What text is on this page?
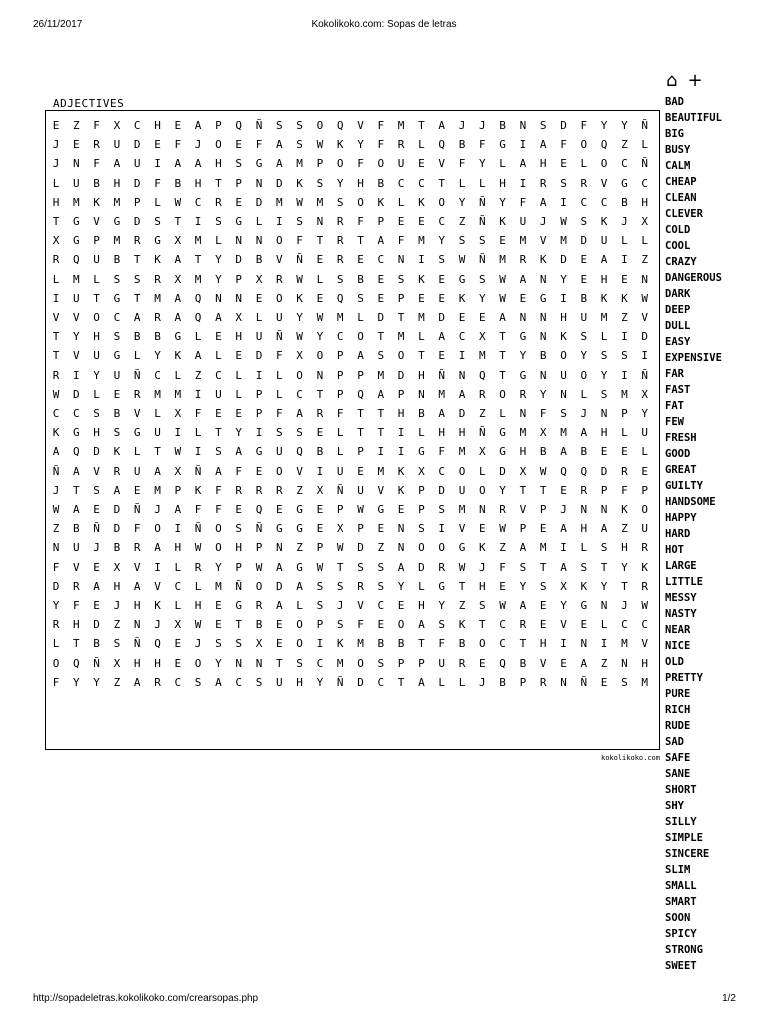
26/11/2017	Kokolikoko.com: Sopas de letras
⌂ +
ADJECTIVES
E	Z	F	X	C	H	E	A	P	Q	Ñ	S	S	O	Q	V	F	M	T	A	J	J	B	N	S	D	F	Y	Y	Ñ
J	E	R	U	D	E	F	J	O	E	F	A	S	W	K	Y	F	R	L	Q	B	F	G	I	A	F	O	Q	Z	L
J	N	F	A	U	I	A	A	H	S	G	A	M	P	O	F	O	U	E	V	F	Y	L	A	H	E	L	O	C	Ñ
L	U	B	H	D	F	B	H	T	P	N	D	K	S	Y	H	B	C	C	T	L	L	H	I	R	S	R	V	G	C
H	M	K	M	P	L	W	C	R	E	D	M	W	M	S	O	K	L	K	O	Y	Ñ	Y	F	A	I	C	C	B	H
T	G	V	G	D	S	T	I	S	G	L	I	S	N	R	F	P	E	E	C	Z	Ñ	K	U	J	W	S	K	J	X
X	G	P	M	R	G	X	M	L	N	N	O	F	T	R	T	A	F	M	Y	S	S	E	M	V	M	D	U	L	L
R	Q	U	B	T	K	A	T	Y	D	B	V	Ñ	E	R	E	C	N	I	S	W	Ñ	M	R	K	D	E	A	I	Z
L	M	L	S	S	R	X	M	Y	P	X	R	W	L	S	B	E	S	K	E	G	S	W	A	N	Y	E	H	E	N
I	U	T	G	T	M	A	Q	N	N	E	O	K	E	Q	S	E	P	E	E	K	Y	W	E	G	I	B	K	K	W
V	V	O	C	A	R	A	Q	A	X	L	U	Y	W	M	L	D	T	M	D	E	E	A	N	N	H	U	M	Z	V
T	Y	H	S	B	B	G	L	E	H	U	Ñ	W	Y	C	O	T	M	L	A	C	X	T	G	N	K	S	L	I	D
T	V	U	G	L	Y	K	A	L	E	D	F	X	O	P	A	S	O	T	E	I	M	T	Y	B	O	Y	S	S	I
R	I	Y	U	Ñ	C	L	Z	C	L	I	L	O	N	P	P	M	D	H	Ñ	N	Q	T	G	N	U	O	Y	I	Ñ
W	D	L	E	R	M	M	I	U	L	P	L	C	T	P	Q	A	P	N	M	A	R	O	R	Y	N	L	S	M	X
C	C	S	B	V	L	X	F	E	E	P	F	A	R	F	T	T	H	B	A	D	Z	L	N	F	S	J	N	P	Y
K	G	H	S	G	U	I	L	T	Y	I	S	S	E	L	T	T	I	L	H	H	Ñ	G	M	X	M	A	H	L	U
A	Q	D	K	L	T	W	I	S	A	G	U	Q	B	L	P	I	I	G	F	M	X	G	H	B	A	B	E	E	L
Ñ	A	V	R	U	A	X	Ñ	A	F	E	O	V	I	U	E	M	K	X	C	O	L	D	X	W	Q	Q	D	R	E
J	T	S	A	E	M	P	K	F	R	R	R	Z	X	Ñ	U	V	K	P	D	U	O	Y	T	T	E	R	P	F	P
W	A	E	D	Ñ	J	A	F	F	E	Q	E	G	E	P	W	G	E	P	S	M	N	R	V	P	J	N	N	K	O
Z	B	Ñ	D	F	O	I	Ñ	O	S	Ñ	G	G	E	X	P	E	N	S	I	V	E	W	P	E	A	H	A	Z	U
N	U	J	B	R	A	H	W	O	H	P	N	Z	P	W	D	Z	N	O	O	G	K	Z	A	M	I	L	S	H	R
F	V	E	X	V	I	L	R	Y	P	W	A	G	W	T	S	S	A	D	R	W	J	F	S	T	A	S	T	Y	K
D	R	A	H	A	V	C	L	M	Ñ	O	D	A	S	S	R	S	Y	L	G	T	H	E	Y	S	X	K	Y	T	R
Y	F	E	J	H	K	L	H	E	G	R	A	L	S	J	V	C	E	H	Y	Z	S	W	A	E	Y	G	N	J	W
R	H	D	Z	N	J	X	W	E	T	B	E	O	P	S	F	E	O	A	S	K	T	C	R	E	V	E	L	C	C
L	T	B	S	Ñ	Q	E	J	S	S	X	E	O	I	K	M	B	B	T	F	B	O	C	T	H	I	N	I	M	V
O	Q	Ñ	X	H	H	E	O	Y	N	N	T	S	C	M	O	S	P	P	U	R	E	Q	B	V	E	A	Z	N	H
F	Y	Y	Z	A	R	C	S	A	C	S	U	H	Y	Ñ	D	C	T	A	L	L	J	B	P	R	N	Ñ	E	S	M
kokolikoko.com
BAD
BEAUTIFUL
BIG
BUSY
CALM
CHEAP
CLEAN
CLEVER
COLD
COOL
CRAZY
DANGEROUS
DARK
DEEP
DULL
EASY
EXPENSIVE
FAR
FAST
FAT
FEW
FRESH
GOOD
GREAT
GUILTY
HANDSOME
HAPPY
HARD
HOT
LARGE
LITTLE
MESSY
NASTY
NEAR
NICE
OLD
PRETTY
PURE
RICH
RUDE
SAD
SAFE
SANE
SHORT
SHY
SILLY
SIMPLE
SINCERE
SLIM
SMALL
SMART
SOON
SPICY
STRONG
SWEET
http://sopadeletras.kokolikoko.com/crearsopas.php	1/2
